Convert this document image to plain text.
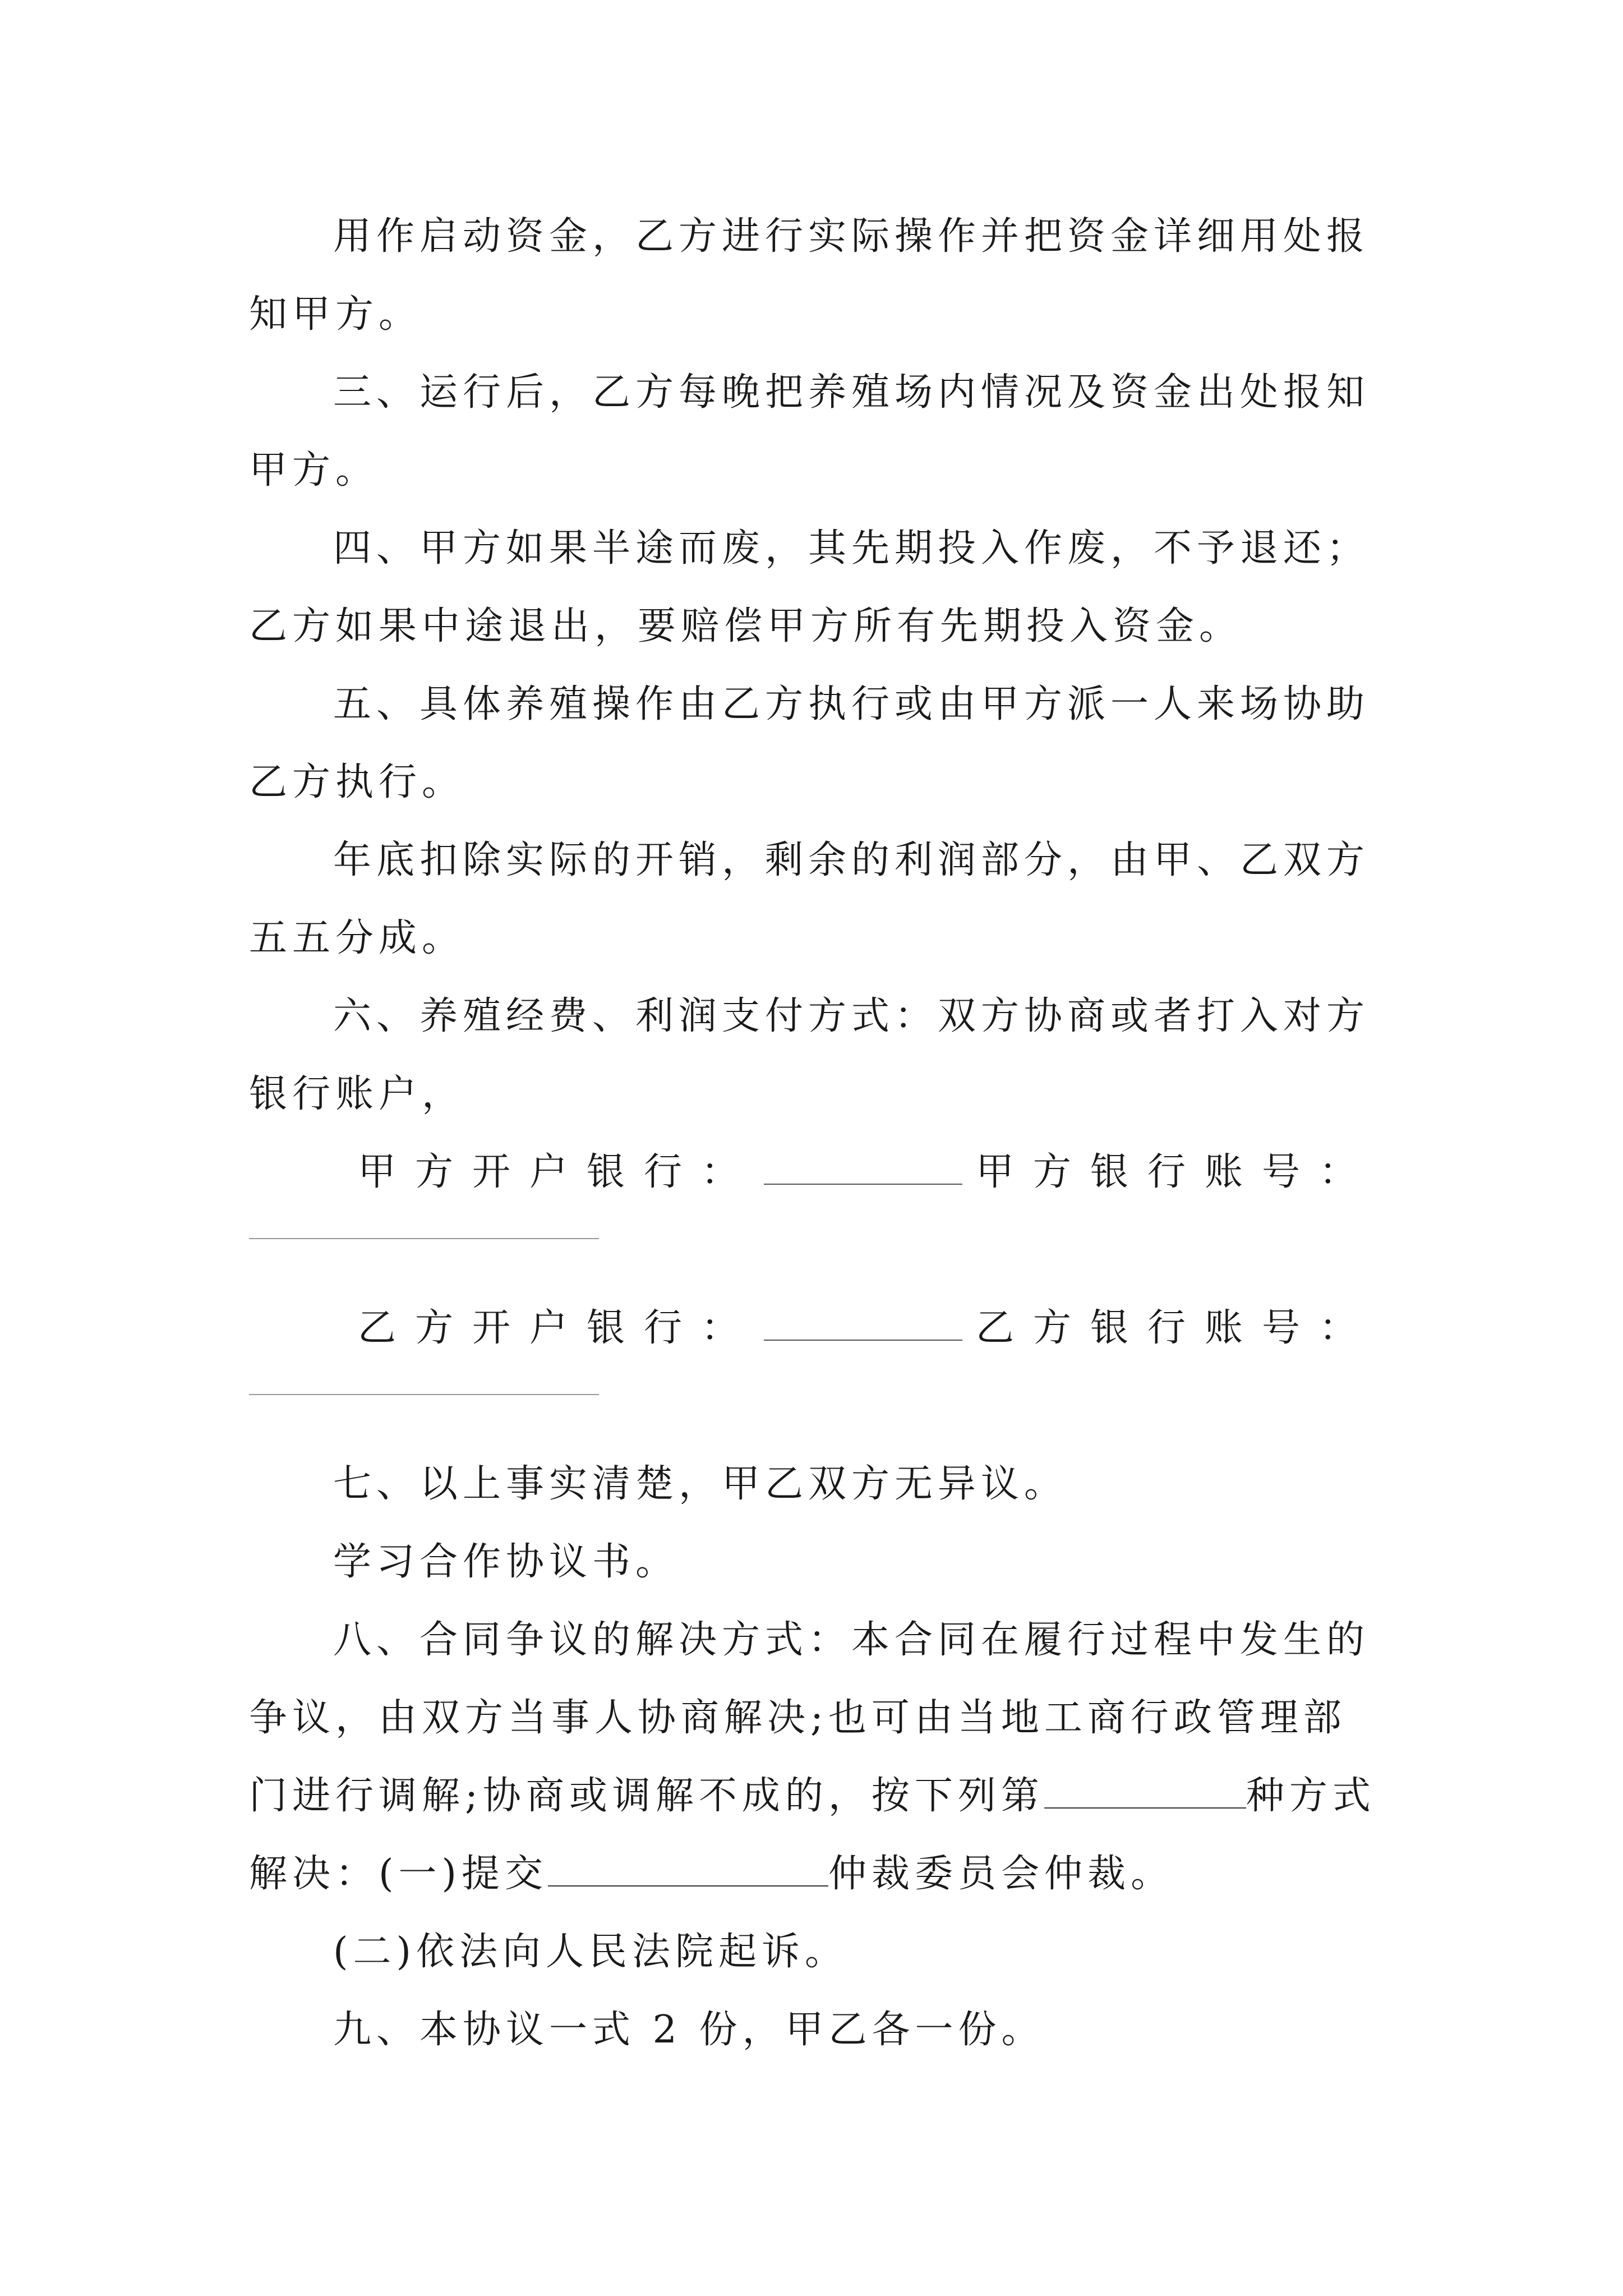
用作启动资金，乙方进行实际操作并把资金详细用处报知甲方。

三、运行后，乙方每晚把养殖场内情况及资金出处报知甲方。

四、甲方如果半途而废，其先期投入作废，不予退还；乙方如果中途退出，要赔偿甲方所有先期投入资金。

五、具体养殖操作由乙方执行或由甲方派一人来场协助乙方执行。

年底扣除实际的开销，剩余的利润部分，由甲、乙双方五五分成。

六、养殖经费、利润支付方式：双方协商或者打入对方银行账户，

甲方开户银行：	甲方银行账号：
乙方开户银行：	乙方银行账号：

七、以上事实清楚，甲乙双方无异议。

学习合作协议书。

八、合同争议的解决方式：本合同在履行过程中发生的争议，由双方当事人协商解决;也可由当地工商行政管理部门进行调解;协商或调解不成的，按下列第	种方式解决：(一)提交	仲裁委员会仲裁。

(二)依法向人民法院起诉。

九、本协议一式 2 份，甲乙各一份。
